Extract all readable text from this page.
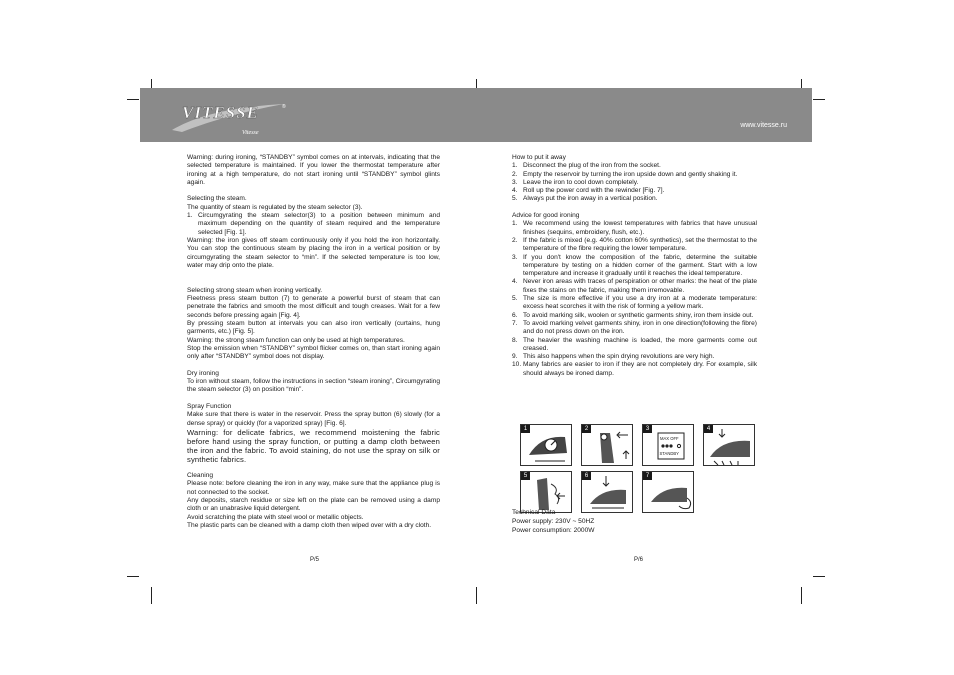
VITESSE
Vitesse
®
www.vitesse.ru

Warning: during ironing, “STANDBY” symbol comes on at intervals, indicating that the selected temperature is maintained. If you lower the thermostat temperature after ironing at a high temperature, do not start ironing until “STANDBY” symbol glints again.

Selecting the steam.

The quantity of steam is regulated by the steam selector (3).

1. Circumgyrating the steam selector(3) to a position between minimum and maximum depending on the quantity of steam required and the temperature selected [Fig. 1].

Warning: the iron gives off steam continuously only if you hold the iron horizontally. You can stop the continuous steam by placing the iron in a vertical position or by circumgyrating the steam selector to “min”. If the selected temperature is too low, water may drip onto the plate.

Selecting strong steam when ironing vertically.

Fleetness press steam button (7) to generate a powerful burst of steam that can penetrate the fabrics and smooth the most difficult and tough creases. Wait for a few seconds before pressing again [Fig. 4].

By pressing steam button at intervals you can also iron vertically (curtains, hung garments, etc.) [Fig. 5].

Warning: the strong steam function can only be used at high temperatures.

Stop the emission when “STANDBY” symbol flicker comes on, than start ironing again only after “STANDBY” symbol does not display.

Dry ironing

To iron without steam, follow the instructions in section “steam ironing”, Circumgyrating the steam selector (3) on position “min”.

Spray Function

Make sure that there is water in the reservoir. Press the spray button (6) slowly (for a dense spray) or quickly (for a vaporized spray) [Fig. 6].

Warning: for delicate fabrics, we recommend moistening the fabric before hand using the spray function, or putting a damp cloth between the iron and the fabric. To avoid staining, do not use the spray on silk or synthetic fabrics.

Cleaning

Please note: before cleaning the iron in any way, make sure that the appliance plug is not connected to the socket.

Any deposits, starch residue or size left on the plate can be removed using a damp cloth or an unabrasive liquid detergent.

Avoid scratching the plate with steel wool or metallic objects.

The plastic parts can be cleaned with a damp cloth then wiped over with a dry cloth.

P/5

How to put it away

1. Disconnect the plug of the iron from the socket.
2. Empty the reservoir by turning the iron upside down and gently shaking it.
3. Leave the iron to cool down completely.
4. Roll up the power cord with the rewinder [Fig. 7].
5. Always put the iron away in a vertical position.

Advice for good ironing

1. We recommend using the lowest temperatures with fabrics that have unusual finishes (sequins, embroidery, flush, etc.).
2. If the fabric is mixed (e.g. 40% cotton 60% synthetics), set the thermostat to the temperature of the fibre requiring the lower temperature.
3. If you don't know the composition of the fabric, determine the suitable temperature by testing on a hidden corner of the garment. Start with a low temperature and increase it gradually until it reaches the ideal temperature.
4. Never iron areas with traces of perspiration or other marks: the heat of the plate fixes the stains on the fabric, making them irremovable.
5. The size is more effective if you use a dry iron at a moderate temperature: excess heat scorches it with the risk of forming a yellow mark.
6. To avoid marking silk, woolen or synthetic garments shiny, iron them inside out.
7. To avoid marking velvet garments shiny, iron in one direction(following the fibre) and do not press down on the iron.
8. The heavier the washing machine is loaded, the more garments come out creased.
9. This also happens when the spin drying revolutions are very high.
10. Many fabrics are easier to iron if they are not completely dry. For example, silk should always be ironed damp.
1	2
MAX OFF
STANDBY
3	4
5	6	7

Technical Data

Power supply: 230V ~ 50HZ

Power consumption: 2000W

P/6
